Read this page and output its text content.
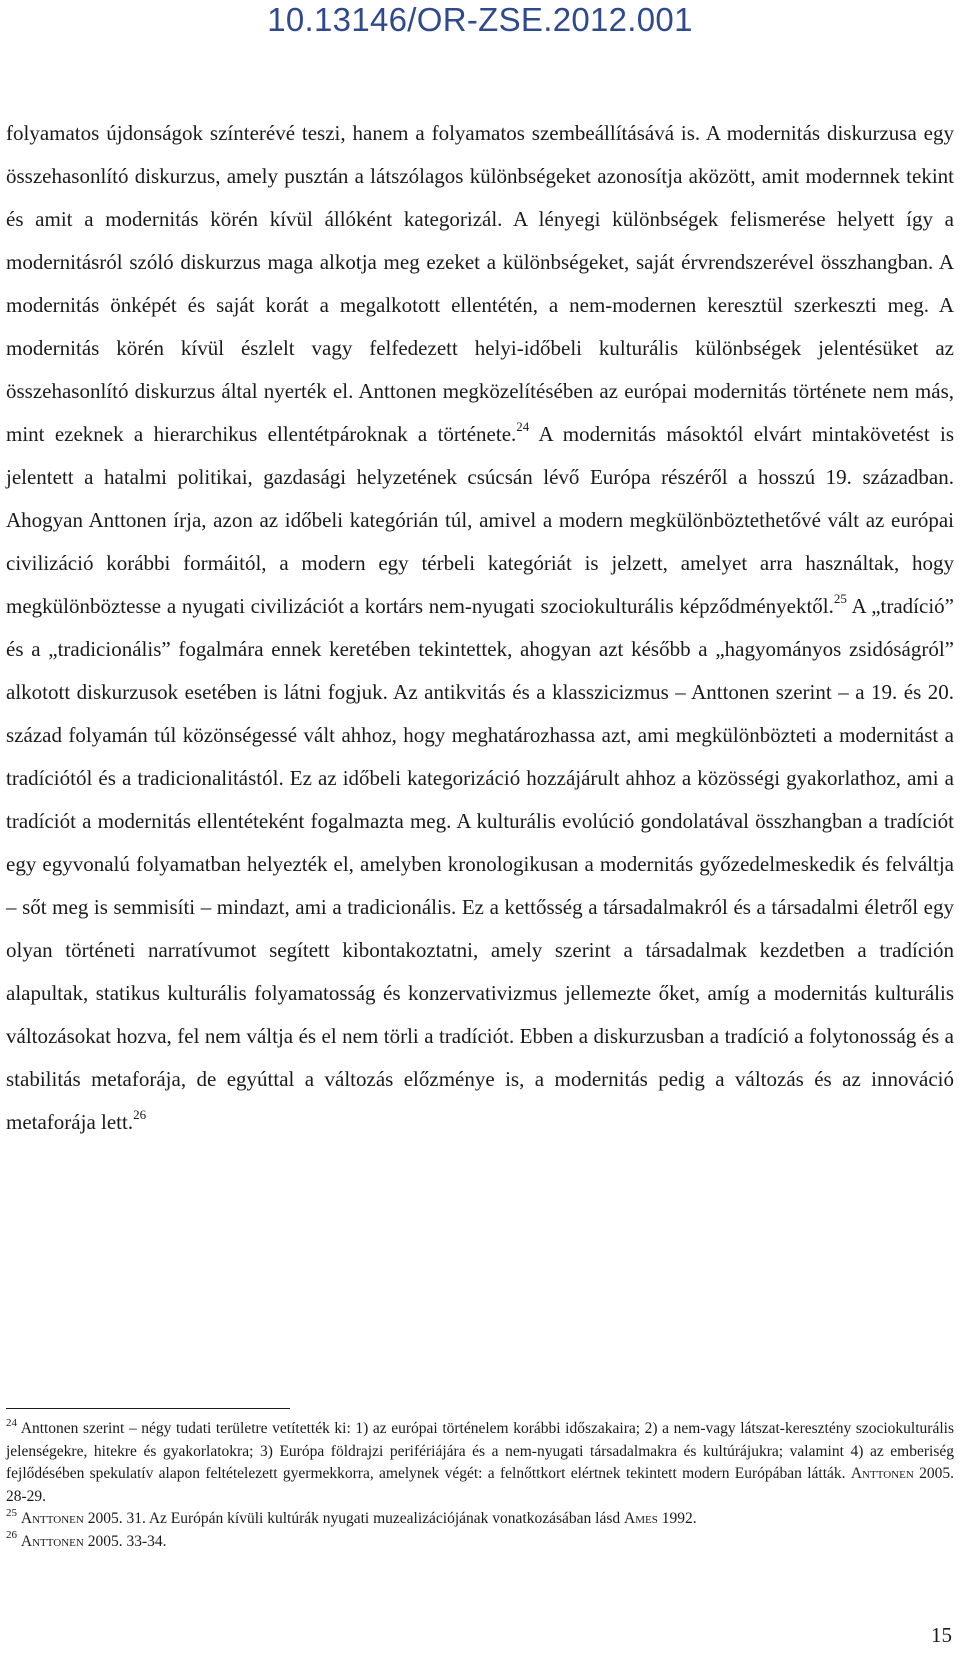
10.13146/OR-ZSE.2012.001

folyamatos újdonságok színterévé teszi, hanem a folyamatos szembeállításává is. A modernitás diskurzusa egy összehasonlító diskurzus, amely pusztán a látszólagos különbségeket azonosítja aközött, amit modernnek tekint és amit a modernitás körén kívül állóként kategorizál. A lényegi különbségek felismerése helyett így a modernitásról szóló diskurzus maga alkotja meg ezeket a különbségeket, saját érvrendszerével összhangban. A modernitás önképét és saját korát a megalkotott ellentétén, a nem-modernen keresztül szerkeszti meg. A modernitás körén kívül észlelt vagy felfedezett helyi-időbeli kulturális különbségek jelentésüket az összehasonlító diskurzus által nyerték el. Anttonen megközelítésében az európai modernitás története nem más, mint ezeknek a hierarchikus ellentétpároknak a története.$^{24}$ A modernitás másoktól elvárt mintakövetést is jelentett a hatalmi politikai, gazdasági helyzetének csúcsán lévő Európa részéről a hosszú 19. században. Ahogyan Anttonen írja, azon az időbeli kategórián túl, amivel a modern megkülönböztethetővé vált az európai civilizáció korábbi formáitól, a modern egy térbeli kategóriát is jelzett, amelyet arra használtak, hogy megkülönböztesse a nyugati civilizációt a kortárs nem-nyugati szociokulturális képződményektől.$^{25}$ A „tradíció” és a „tradicionális” fogalmára ennek keretében tekintettek, ahogyan azt később a „hagyományos zsidóságról” alkotott diskurzusok esetében is látni fogjuk. Az antikvitás és a klasszicizmus – Anttonen szerint – a 19. és 20. század folyamán túl közönségessé vált ahhoz, hogy meghatározhassa azt, ami megkülönbözteti a modernitást a tradíciótól és a tradicionalitástól. Ez az időbeli kategorizáció hozzájárult ahhoz a közösségi gyakorlathoz, ami a tradíciót a modernitás ellentéteként fogalmazta meg. A kulturális evolúció gondolatával összhangban a tradíciót egy egyvonalú folyamatban helyezték el, amelyben kronologikusan a modernitás győzedelmeskedik és felváltja – sőt meg is semmisíti – mindazt, ami a tradicionális. Ez a kettősség a társadalmakról és a társadalmi életről egy olyan történeti narratívumot segített kibontakoztatni, amely szerint a társadalmak kezdetben a tradíción alapultak, statikus kulturális folyamatosság és konzervativizmus jellemezte őket, amíg a modernitás kulturális változásokat hozva, fel nem váltja és el nem törli a tradíciót. Ebben a diskurzusban a tradíció a folytonosság és a stabilitás metaforája, de egyúttal a változás előzménye is, a modernitás pedig a változás és az innováció metaforája lett.$^{26}$

$^{24}$ Anttonen szerint – négy tudati területre vetítették ki: 1) az európai történelem korábbi időszakaira; 2) a nem-vagy látszat-keresztény szociokulturális jelenségekre, hitekre és gyakorlatokra; 3) Európa földrajzi perifériájára és a nem-nyugati társadalmakra és kultúrájukra; valamint 4) az emberiség fejlődésében spekulatív alapon feltételezett gyermekkorra, amelynek végét: a felnőttkort elértnek tekintett modern Európában látták. Anttonen 2005. 28-29.

$^{25}$ Anttonen 2005. 31. Az Európán kívüli kultúrák nyugati muzealizációjának vonatkozásában lásd Ames 1992.

$^{26}$ Anttonen 2005. 33-34.

15
